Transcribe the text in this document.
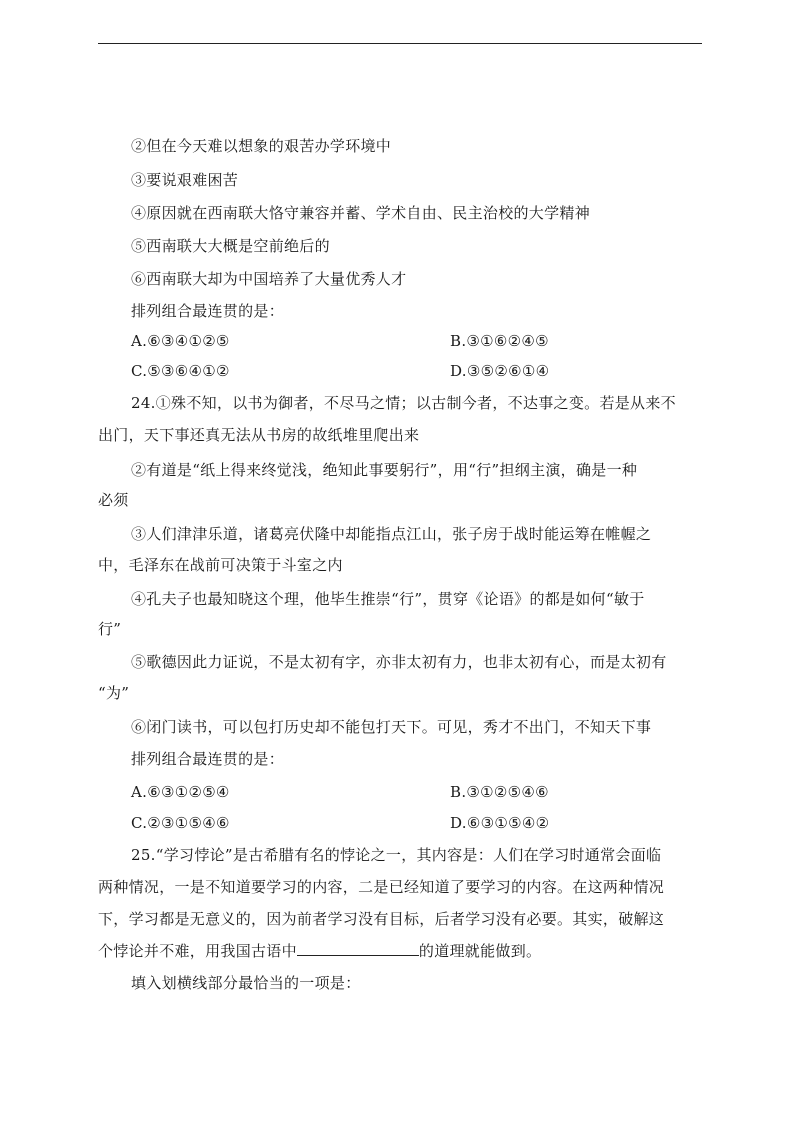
②但在今天难以想象的艰苦办学环境中
③要说艰难困苦
④原因就在西南联大恪守兼容并蓄、学术自由、民主治校的大学精神
⑤西南联大大概是空前绝后的
⑥西南联大却为中国培养了大量优秀人才
排列组合最连贯的是：
A.⑥③④①②⑤	B.③①⑥②④⑤
C.⑤③⑥④①②	D.③⑤②⑥①④
24.①殊不知，以书为御者，不尽马之情；以古制今者，不达事之变。若是从来不
出门，天下事还真无法从书房的故纸堆里爬出来
②有道是“纸上得来终觉浅，绝知此事要躬行”，用“行”担纲主演，确是一种
必须
③人们津津乐道，诸葛亮伏隆中却能指点江山，张子房于战时能运筹在帷幄之
中，毛泽东在战前可决策于斗室之内
④孔夫子也最知晓这个理，他毕生推崇“行”，贯穿《论语》的都是如何“敏于
行”
⑤歌德因此力证说，不是太初有字，亦非太初有力，也非太初有心，而是太初有
“为”
⑥闭门读书，可以包打历史却不能包打天下。可见，秀才不出门，不知天下事
排列组合最连贯的是：
A.⑥③①②⑤④	B.③①②⑤④⑥
C.②③①⑤④⑥	D.⑥③①⑤④②
25.“学习悖论”是古希腊有名的悖论之一，其内容是：人们在学习时通常会面临
两种情况，一是不知道要学习的内容，二是已经知道了要学习的内容。在这两种情况
下，学习都是无意义的，因为前者学习没有目标，后者学习没有必要。其实，破解这
个悖论并不难，用我国古语中	的道理就能做到。
填入划横线部分最恰当的一项是：
